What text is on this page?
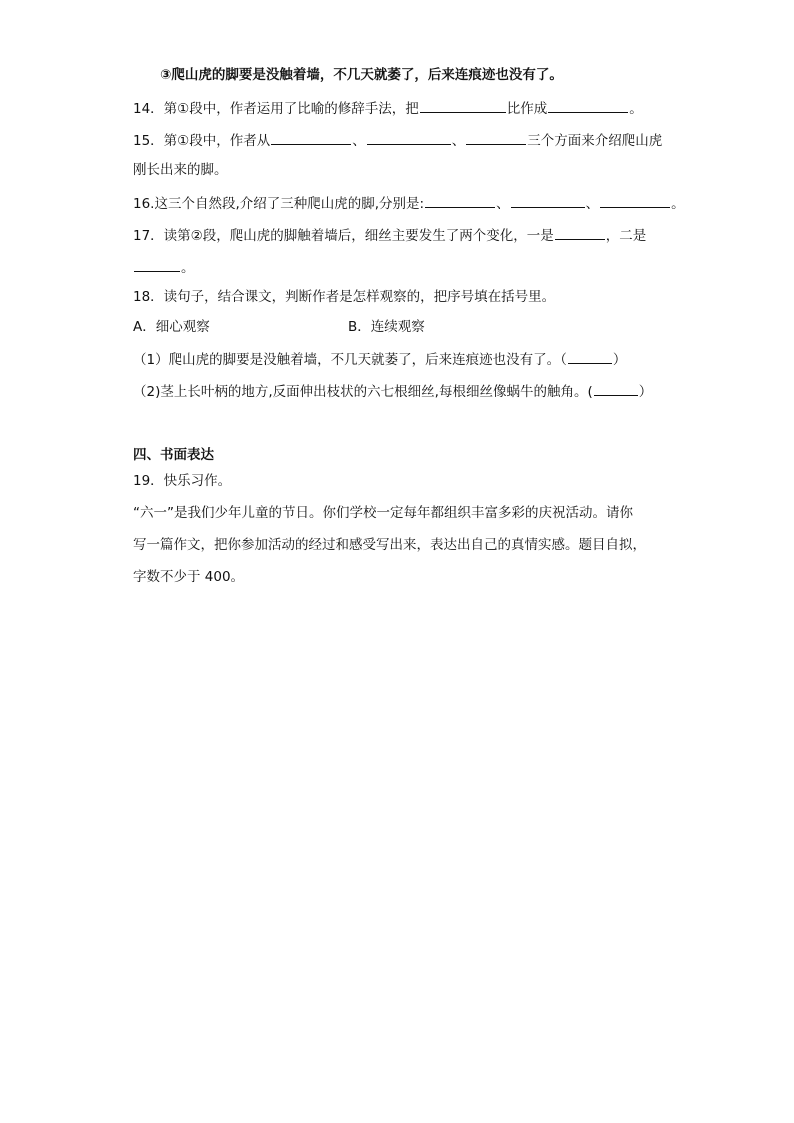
③爬山虎的脚要是没触着墙，不几天就萎了，后来连痕迹也没有了。
14．第①段中，作者运用了比喻的修辞手法，把	比作成	。
15．第①段中，作者从	、	、	三个方面来介绍爬山虎
刚长出来的脚。
16.这三个自然段,介绍了三种爬山虎的脚,分别是:	、	、	。
17．读第②段，爬山虎的脚触着墙后，细丝主要发生了两个变化，一是	，二是
。
18．读句子，结合课文，判断作者是怎样观察的，把序号填在括号里。
A．细心观察	B．连续观察
（1）爬山虎的脚要是没触着墙，不几天就萎了，后来连痕迹也没有了。（	）
（2)茎上长叶柄的地方,反面伸出枝状的六七根细丝,每根细丝像蜗牛的触角。(	）
四、书面表达
19．快乐习作。
“六一”是我们少年儿童的节日。你们学校一定每年都组织丰富多彩的庆祝活动。请你
写一篇作文，把你参加活动的经过和感受写出来，表达出自己的真情实感。题目自拟，
字数不少于 400。
